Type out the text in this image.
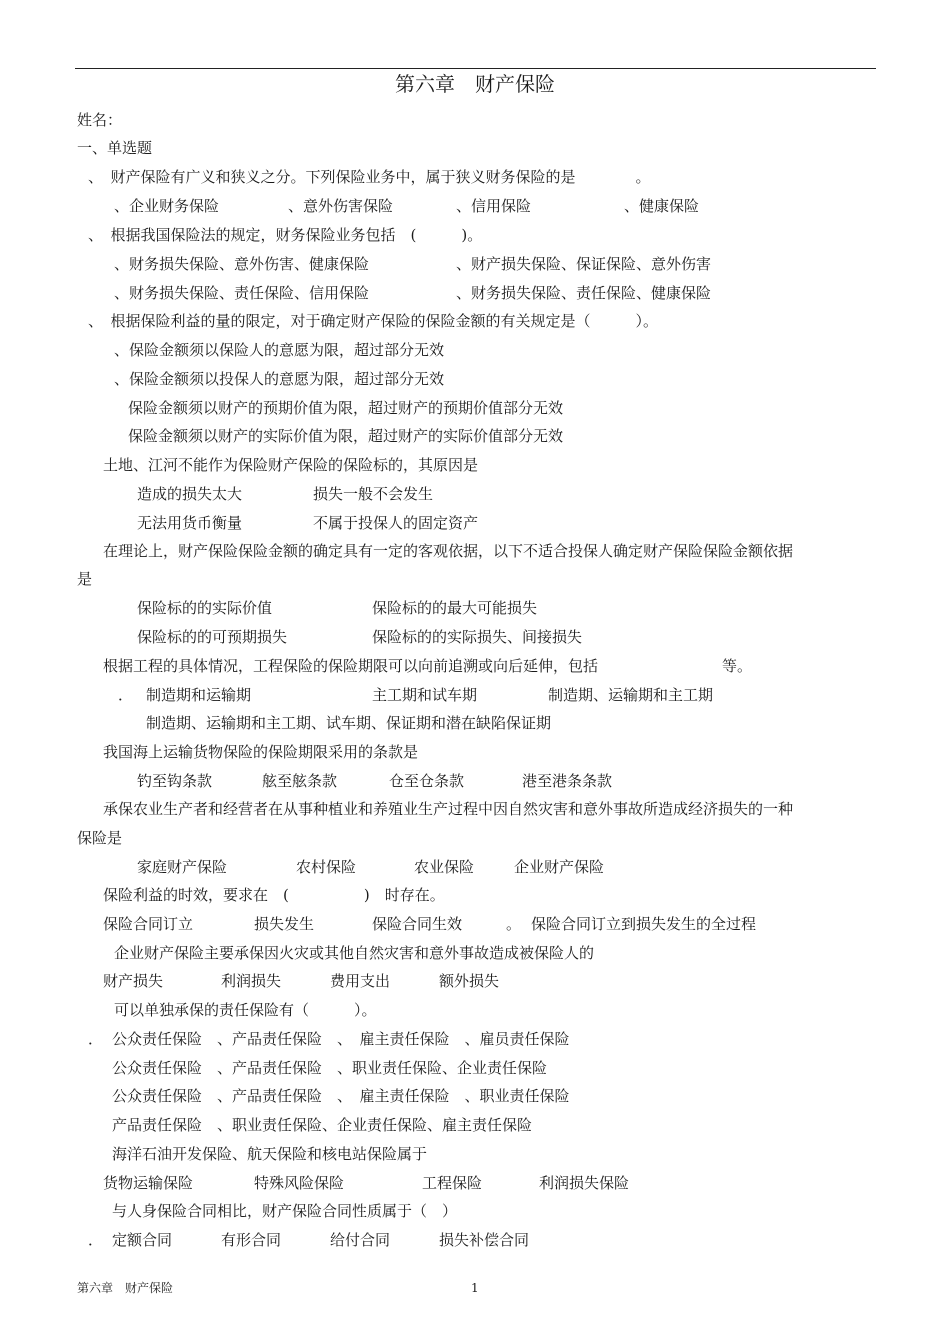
第六章　财产保险
姓名：
一、单选题
、　财产保险有广义和狭义之分。下列保险业务中，属于狭义财务保险的是　　　　。
、企业财务保险	、意外伤害保险	、信用保险	、健康保险
、　根据我国保险法的规定，财务保险业务包括　(　　　)。
、财务损失保险、意外伤害、健康保险	、财产损失保险、保证保险、意外伤害
、财务损失保险、责任保险、信用保险	、财务损失保险、责任保险、健康保险
、　根据保险利益的量的限定，对于确定财产保险的保险金额的有关规定是（　　　）。
、保险金额须以保险人的意愿为限，超过部分无效
、保险金额须以投保人的意愿为限，超过部分无效
保险金额须以财产的预期价值为限，超过财产的预期价值部分无效
保险金额须以财产的实际价值为限，超过财产的实际价值部分无效
土地、江河不能作为保险财产保险的保险标的，其原因是
造成的损失太大	损失一般不会发生
无法用货币衡量	不属于投保人的固定资产
在理论上，财产保险保险金额的确定具有一定的客观依据，以下不适合投保人确定财产保险保险金额依据
是
保险标的的实际价值	保险标的的最大可能损失
保险标的的可预期损失	保险标的的实际损失、间接损失
根据工程的具体情况，工程保险的保险期限可以向前追溯或向后延伸，包括	等。
． 制造期和运输期	主工期和试车期	制造期、运输期和主工期
制造期、运输期和主工期、试车期、保证期和潜在缺陷保证期
我国海上运输货物保险的保险期限采用的条款是
钓至钩条款	舷至舷条款	仓至仓条款	港至港条条款
承保农业生产者和经营者在从事种植业和养殖业生产过程中因自然灾害和意外事故所造成经济损失的一种
保险是
家庭财产保险	农村保险	农业保险	企业财产保险
保险利益的时效，要求在　(　　　　　)　时存在。
保险合同订立	损失发生	保险合同生效	。 保险合同订立到损失发生的全过程
企业财产保险主要承保因火灾或其他自然灾害和意外事故造成被保险人的
财产损失	利润损失	费用支出	额外损失
可以单独承保的责任保险有（　　　）。
． 公众责任保险　、产品责任保险　、　雇主责任保险　、雇员责任保险
公众责任保险　、产品责任保险　、职业责任保险、企业责任保险
公众责任保险　、产品责任保险　、　雇主责任保险　、职业责任保险
产品责任保险　、职业责任保险、企业责任保险、雇主责任保险
海洋石油开发保险、航天保险和核电站保险属于
货物运输保险	特殊风险保险	工程保险	利润损失保险
与人身保险合同相比，财产保险合同性质属于（　）
． 定额合同	有形合同	给付合同	损失补偿合同
第六章　财产保险	1
